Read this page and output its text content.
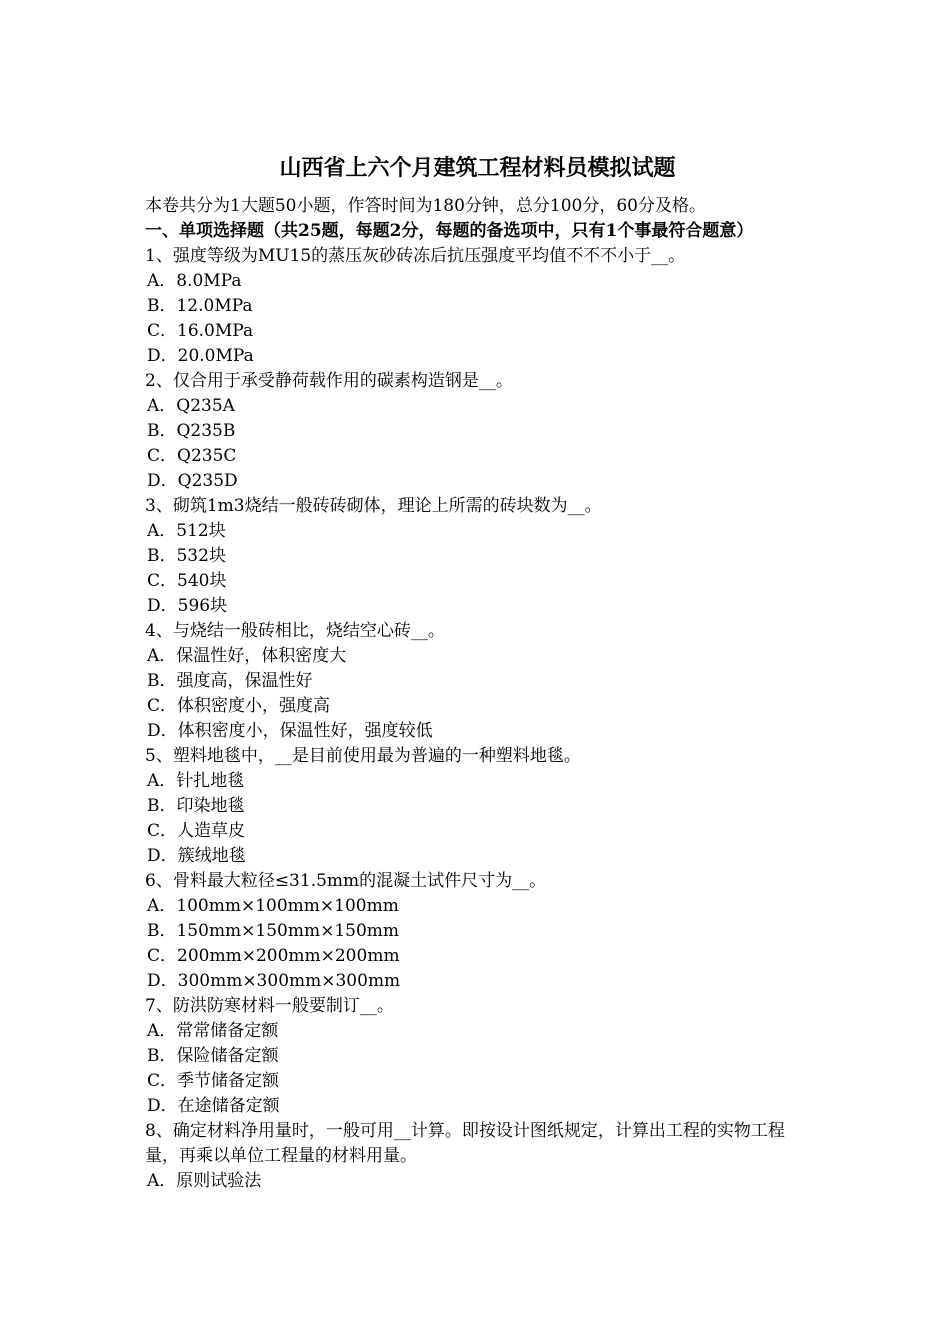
山西省上六个月建筑工程材料员模拟试题
本卷共分为1大题50小题，作答时间为180分钟，总分100分，60分及格。
一、单项选择题（共25题，每题2分，每题的备选项中，只有1个事最符合题意）
1、强度等级为MU15的蒸压灰砂砖冻后抗压强度平均值不不不小于__。
A．8.0MPa
B．12.0MPa
C．16.0MPa
D．20.0MPa
2、仅合用于承受静荷载作用的碳素构造钢是__。
A．Q235A
B．Q235B
C．Q235C
D．Q235D
3、砌筑1m3烧结一般砖砖砌体，理论上所需的砖块数为__。
A．512块
B．532块
C．540块
D．596块
4、与烧结一般砖相比，烧结空心砖__。
A．保温性好，体积密度大
B．强度高，保温性好
C．体积密度小，强度高
D．体积密度小，保温性好，强度较低
5、塑料地毯中，__是目前使用最为普遍的一种塑料地毯。
A．针扎地毯
B．印染地毯
C．人造草皮
D．簇绒地毯
6、骨料最大粒径≤31.5mm的混凝土试件尺寸为__。
A．100mm×100mm×100mm
B．150mm×150mm×150mm
C．200mm×200mm×200mm
D．300mm×300mm×300mm
7、防洪防寒材料一般要制订__。
A．常常储备定额
B．保险储备定额
C．季节储备定额
D．在途储备定额
8、确定材料净用量时，一般可用__计算。即按设计图纸规定，计算出工程的实物工程量，再乘以单位工程量的材料用量。
A．原则试验法
